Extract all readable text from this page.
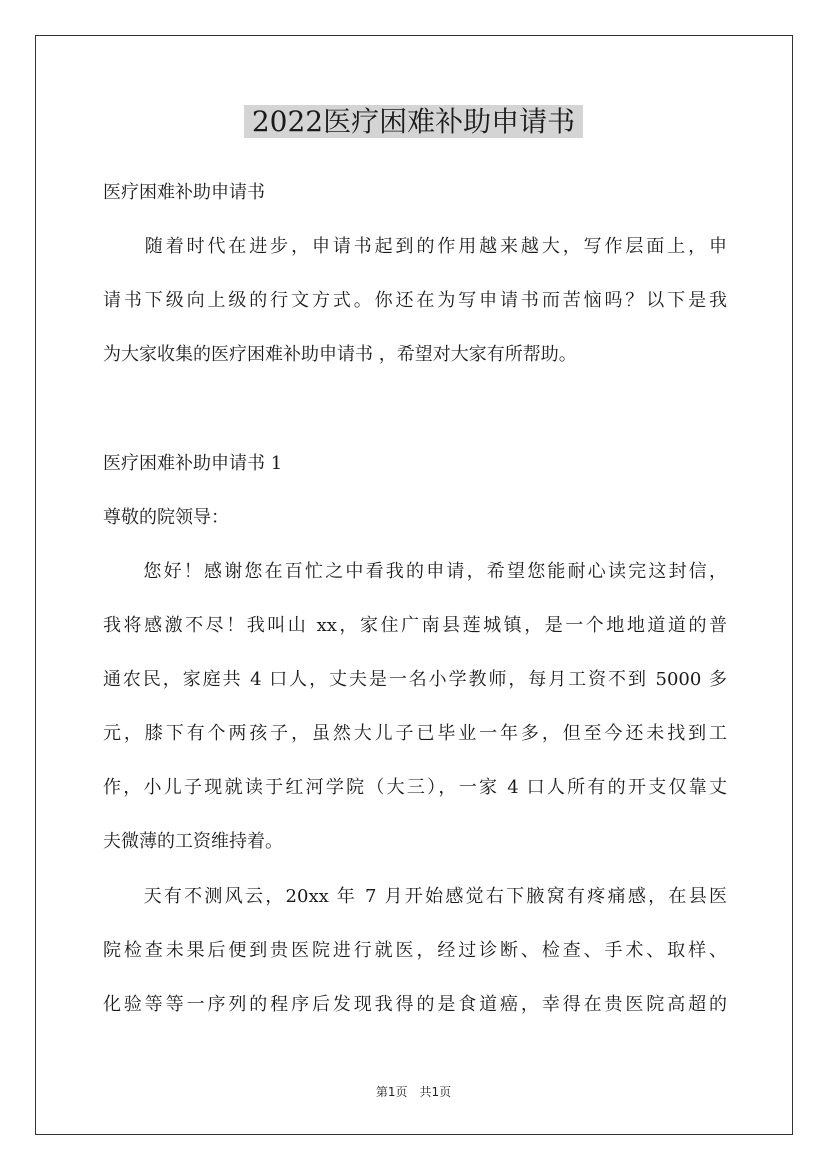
2022医疗困难补助申请书
医疗困难补助申请书
　　随着时代在进步，申请书起到的作用越来越大，写作层面上，申
请书下级向上级的行文方式。你还在为写申请书而苦恼吗？以下是我
为大家收集的医疗困难补助申请书 ，希望对大家有所帮助。
医疗困难补助申请书 1
尊敬的院领导：
　　您好！感谢您在百忙之中看我的申请，希望您能耐心读完这封信，
我将感激不尽！我叫山 xx，家住广南县莲城镇，是一个地地道道的普
通农民，家庭共 4 口人，丈夫是一名小学教师，每月工资不到 5000 多
元，膝下有个两孩子，虽然大儿子已毕业一年多，但至今还未找到工
作，小儿子现就读于红河学院（大三），一家 4 口人所有的开支仅靠丈
夫微薄的工资维持着。
　　天有不测风云，20xx 年 7 月开始感觉右下腋窝有疼痛感，在县医
院检查未果后便到贵医院进行就医，经过诊断、检查、手术、取样、
化验等等一序列的程序后发现我得的是食道癌，幸得在贵医院高超的
第1页　共1页
